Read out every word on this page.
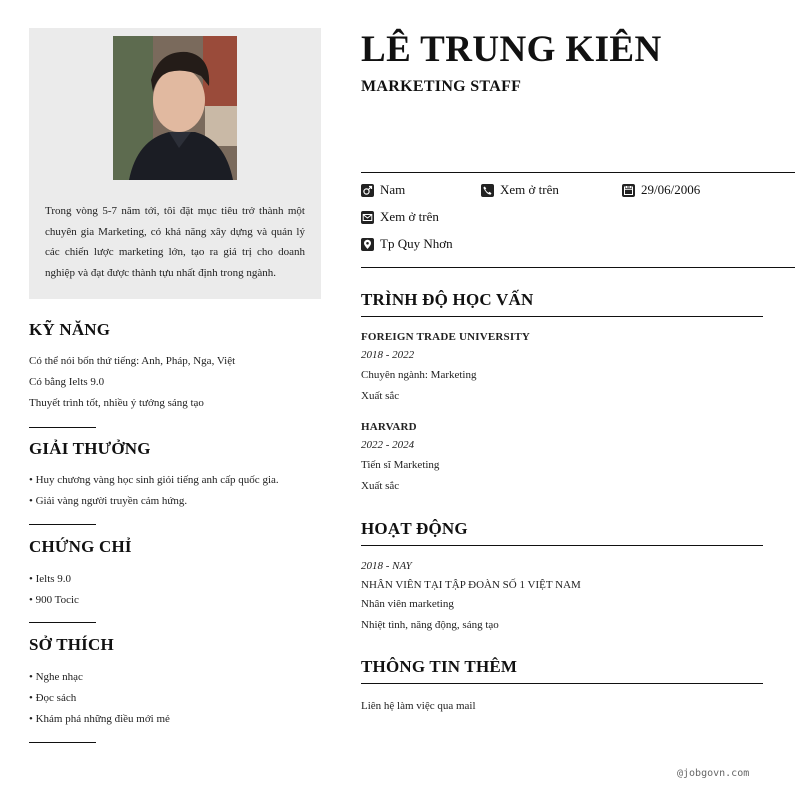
Trong vòng 5-7 năm tới, tôi đặt mục tiêu trở thành một chuyên gia Marketing, có khả năng xây dựng và quản lý các chiến lược marketing lớn, tạo ra giá trị cho doanh nghiệp và đạt được thành tựu nhất định trong ngành.
KỸ NĂNG
Có thể nói bốn thứ tiếng: Anh, Pháp, Nga, Việt
Có bằng Ielts 9.0
Thuyết trình tốt, nhiều ý tưởng sáng tạo
GIẢI THƯỞNG
• Huy chương vàng học sinh giỏi tiếng anh cấp quốc gia.
• Giải vàng người truyền cảm hứng.
CHỨNG CHỈ
• Ielts 9.0
• 900 Tocic
SỞ THÍCH
• Nghe nhạc
• Đọc sách
• Khám phá những điều mới mẻ
LÊ TRUNG KIÊN
MARKETING STAFF
Nam	Xem ở trên	29/06/2006
Xem ở trên
Tp Quy Nhơn
TRÌNH ĐỘ HỌC VẤN
FOREIGN TRADE UNIVERSITY
2018 - 2022
Chuyên ngành: Marketing
Xuất sắc
HARVARD
2022 - 2024
Tiến sĩ Marketing
Xuất sắc
HOẠT ĐỘNG
2018 - NAY
NHÂN VIÊN TẠI TẬP ĐOÀN SỐ 1 VIỆT NAM
Nhân viên marketing
Nhiệt tình, năng động, sáng tạo
THÔNG TIN THÊM
Liên hệ làm việc qua mail
@jobgovn.com
